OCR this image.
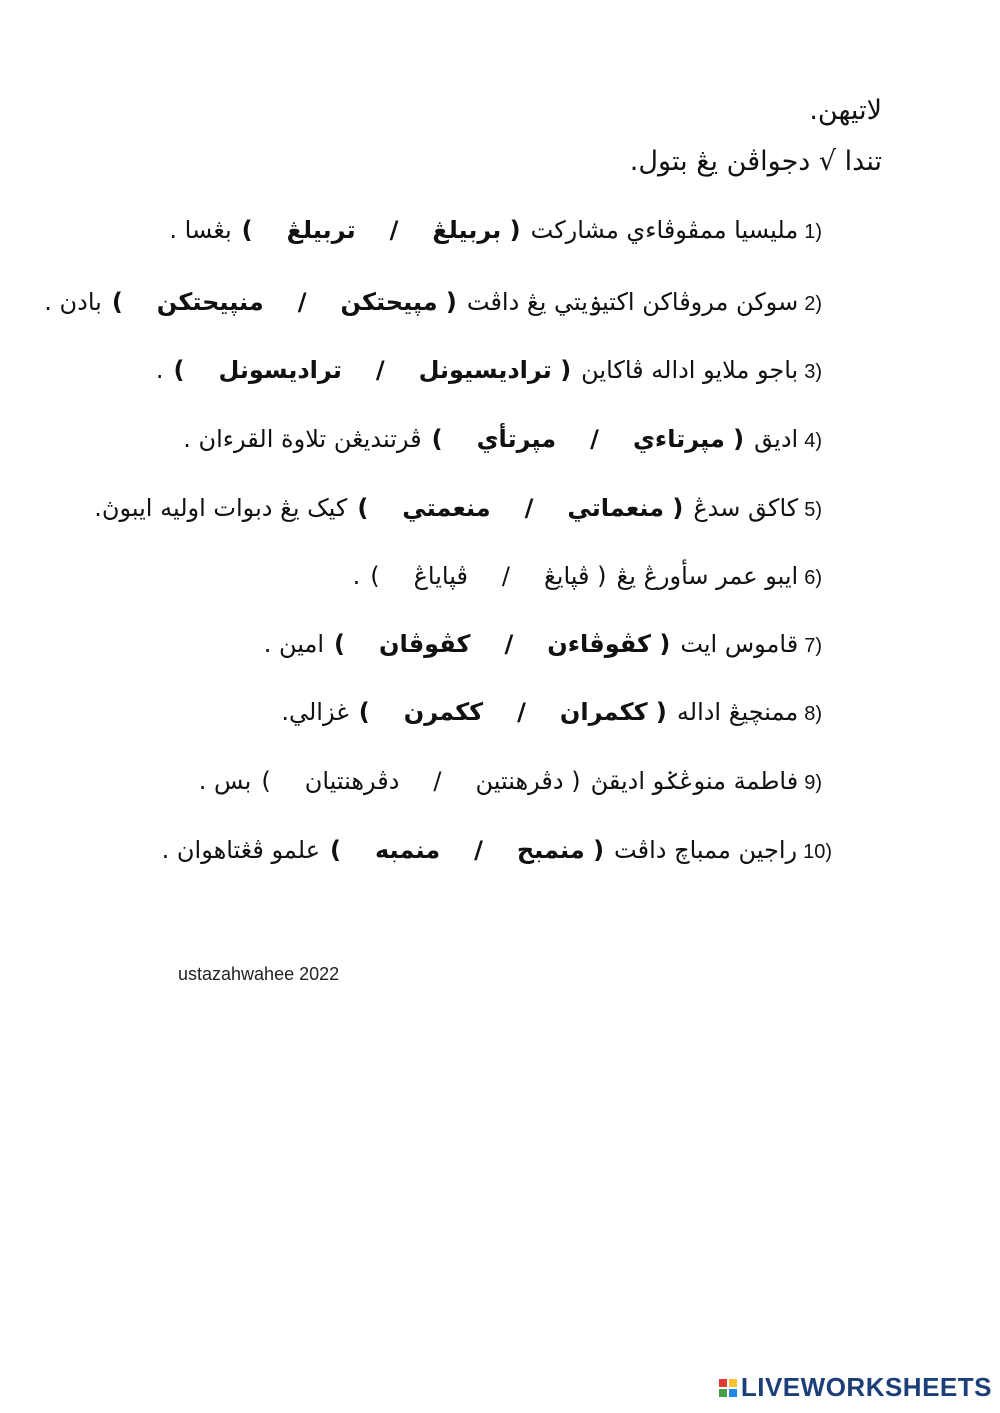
لاتيهن.
تندا √ دجواڤن يڠ بتول.
1)
مليسيا ممڤوڤاءي مشاركت
( بربيلڠ/تربيلڠ)
بڠسا .
2)
سوكن مروڤاكن اكتيۏيتي يڠ داڤت
( مپيحتكن/منپيحتكن)
بادن .
3)
باجو ملايو اداله ڤاكاين
( تراديسيونل/تراديسونل)
.
4)
اديق
( مپرتاءي/مپرتأي)
ڤرتنديڠن تلاوة القرءان .
5)
كاكق سدڠ
( منعماتي/منعمتي)
كيک يڠ دبوات اوليه ايبوڽ.
6)
ايبو عمر سأورڠ يڠ
( ڤپايڠ/ڤپاياڠ)
.
7)
قاموس ايت
( كڤوڤاءن/كڤوڤان)
امين .
8)
ممنچيڠ اداله
( ككمران/ككمرن)
غزالي.
9)
فاطمة منوڠݢو اديقڽ
( دڤرهنتين/دڤرهنتيان)
بس .
10)
راجين ممباچ داڤت
( منمبح/منمبه)
علمو ڤڠتاهوان .
ustazahwahee 2022
LIVEWORKSHEETS
